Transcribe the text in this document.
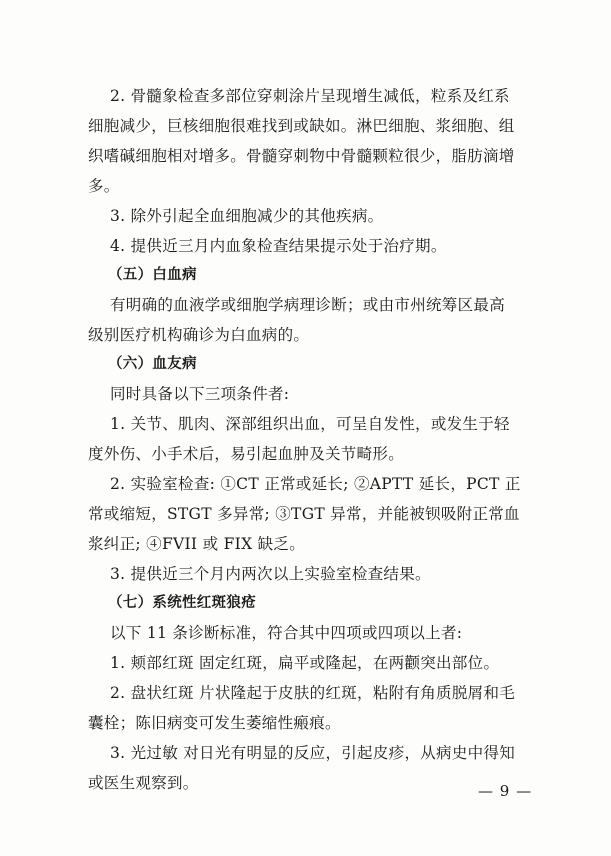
2. 骨髓象检查多部位穿刺涂片呈现增生减低，粒系及红系
细胞减少，巨核细胞很难找到或缺如。淋巴细胞、浆细胞、组
织嗜碱细胞相对增多。骨髓穿刺物中骨髓颗粒很少，脂肪滴增
多。
3. 除外引起全血细胞减少的其他疾病。
4. 提供近三月内血象检查结果提示处于治疗期。
（五）白血病
有明确的血液学或细胞学病理诊断；或由市州统筹区最高
级别医疗机构确诊为白血病的。
（六）血友病
同时具备以下三项条件者:
1. 关节、肌肉、深部组织出血，可呈自发性，或发生于轻
度外伤、小手术后，易引起血肿及关节畸形。
2. 实验室检查: ①CT 正常或延长; ②APTT 延长，PCT 正
常或缩短，STGT 多异常; ③TGT 异常，并能被钡吸附正常血
浆纠正; ④FVII 或 FIX 缺乏。
3. 提供近三个月内两次以上实验室检查结果。
（七）系统性红斑狼疮
以下 11 条诊断标准，符合其中四项或四项以上者:
1. 颊部红斑 固定红斑，扁平或隆起，在两颧突出部位。
2. 盘状红斑 片状隆起于皮肤的红斑，粘附有角质脱屑和毛
囊栓；陈旧病变可发生萎缩性瘢痕。
3. 光过敏 对日光有明显的反应，引起皮疹，从病史中得知
或医生观察到。	— 9 —
